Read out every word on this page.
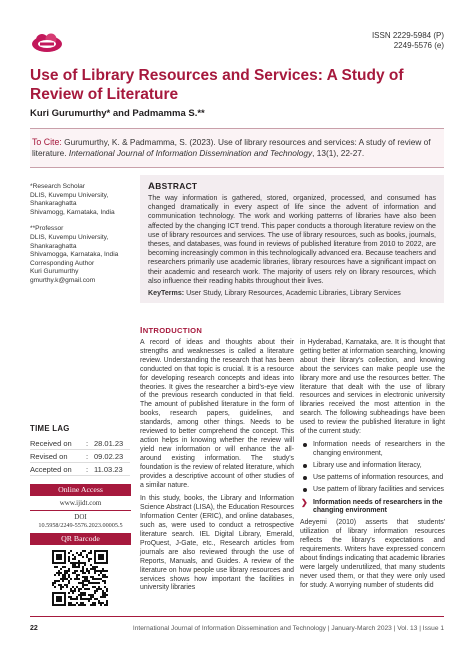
ISSN 2229-5984 (P)
2249-5576 (e)
Use of Library Resources and Services: A Study of Review of Literature
Kuri Gurumurthy* and Padmamma S.**
To Cite: Gurumurthy, K. & Padmamma, S. (2023). Use of library resources and services: A study of review of literature. International Journal of Information Dissemination and Technology, 13(1), 22-27.

*Research Scholar
DLIS, Kuvempu University,
Shankaraghatta
Shivamogg, Karnataka, India

**Professor
DLIS, Kuvempu University,
Shankaraghatta
Shivamogga, Karnataka, India
Corresponding Author
Kuri Gurumurthy
gmurthy.k@gmail.com

ABSTRACT
The way information is gathered, stored, organized, processed, and consumed has changed dramatically in every aspect of life since the advent of information and communication technology. The work and working patterns of libraries have also been affected by the changing ICT trend. This paper conducts a thorough literature review on the use of library resources and services. The use of library resources, such as books, journals, theses, and databases, was found in reviews of published literature from 2010 to 2022, are becoming increasingly common in this technologically advanced era. Because teachers and researchers primarily use academic libraries, library resources have a significant impact on their academic and research work. The majority of users rely on library resources, which also influence their reading habits throughout their lives.
KeyTerms: User Study, Library Resources, Academic Libraries, Library Services
INTRODUCTION

A record of ideas and thoughts about their strengths and weaknesses is called a literature review. Understanding the research that has been conducted on that topic is crucial. It is a resource for developing research concepts and ideas into theories. It gives the researcher a bird's-eye view of the previous research conducted in that field. The amount of published literature in the form of books, research papers, guidelines, and standards, among other things. Needs to be reviewed to better comprehend the concept. This action helps in knowing whether the review will yield new information or will enhance the all-around existing information. The study's foundation is the review of related literature, which provides a descriptive account of other studies of a similar nature.

In this study, books, the Library and Information Science Abstract (LISA), the Education Resources Information Center (ERIC), and online databases, such as, were used to conduct a retrospective literature search. IEL Digital Library, Emerald, ProQuest, J-Gate, etc., Research articles from journals are also reviewed through the use of Reports, Manuals, and Guides. A review of the literature on how people use library resources and services shows how important the facilities in university libraries

in Hyderabad, Karnataka, are. It is thought that getting better at information searching, knowing about their library's collection, and knowing about the services can make people use the library more and use the resources better. The literature that dealt with the use of library resources and services in electronic university libraries received the most attention in the search. The following subheadings have been used to review the published literature in light of the current study:

Information needs of researchers in the changing environment,
Library use and information literacy,
Use patterns of information resources, and
Use pattern of library facilities and services
❯ Information needs of researchers in the changing environment

Adeyemi (2010) asserts that students' utilization of library information resources reflects the library's expectations and requirements. Writers have expressed concern about findings indicating that academic libraries were largely underutilized, that many students never used them, or that they were only used for study. A worrying number of students did

TIME LAG
Received on	: 28.01.23
Revised on	: 09.02.23
Accepted on	: 11.03.23
Online Access
www.ijidt.com
DOI
10.5958/2249-5576.2023.00005.5
QR Barcode
22	International Journal of Information Dissemination and Technology | January-March 2023 | Vol. 13 | Issue 1
